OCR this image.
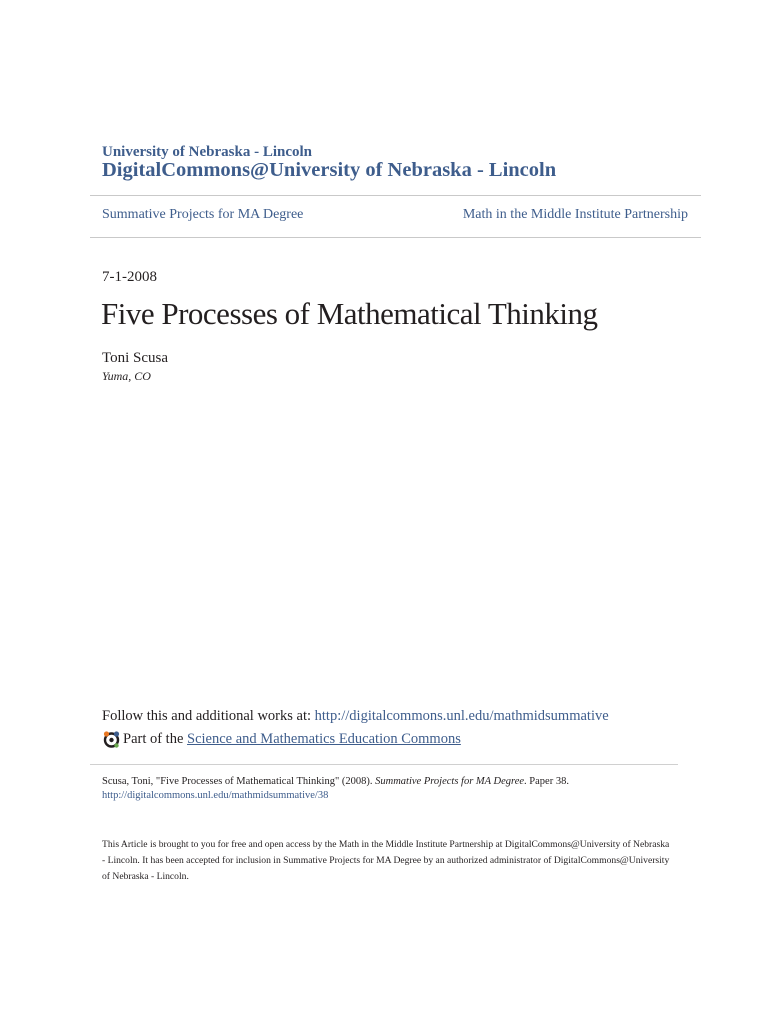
University of Nebraska - Lincoln
DigitalCommons@University of Nebraska - Lincoln
Summative Projects for MA Degree	Math in the Middle Institute Partnership
7-1-2008
Five Processes of Mathematical Thinking
Toni Scusa
Yuma, CO
Follow this and additional works at: http://digitalcommons.unl.edu/mathmidsummative
Part of the
Science and Mathematics Education Commons
Scusa, Toni, "Five Processes of Mathematical Thinking" (2008). Summative Projects for MA Degree. Paper 38.
http://digitalcommons.unl.edu/mathmidsummative/38
This Article is brought to you for free and open access by the Math in the Middle Institute Partnership at DigitalCommons@University of Nebraska - Lincoln. It has been accepted for inclusion in Summative Projects for MA Degree by an authorized administrator of DigitalCommons@University of Nebraska - Lincoln.
